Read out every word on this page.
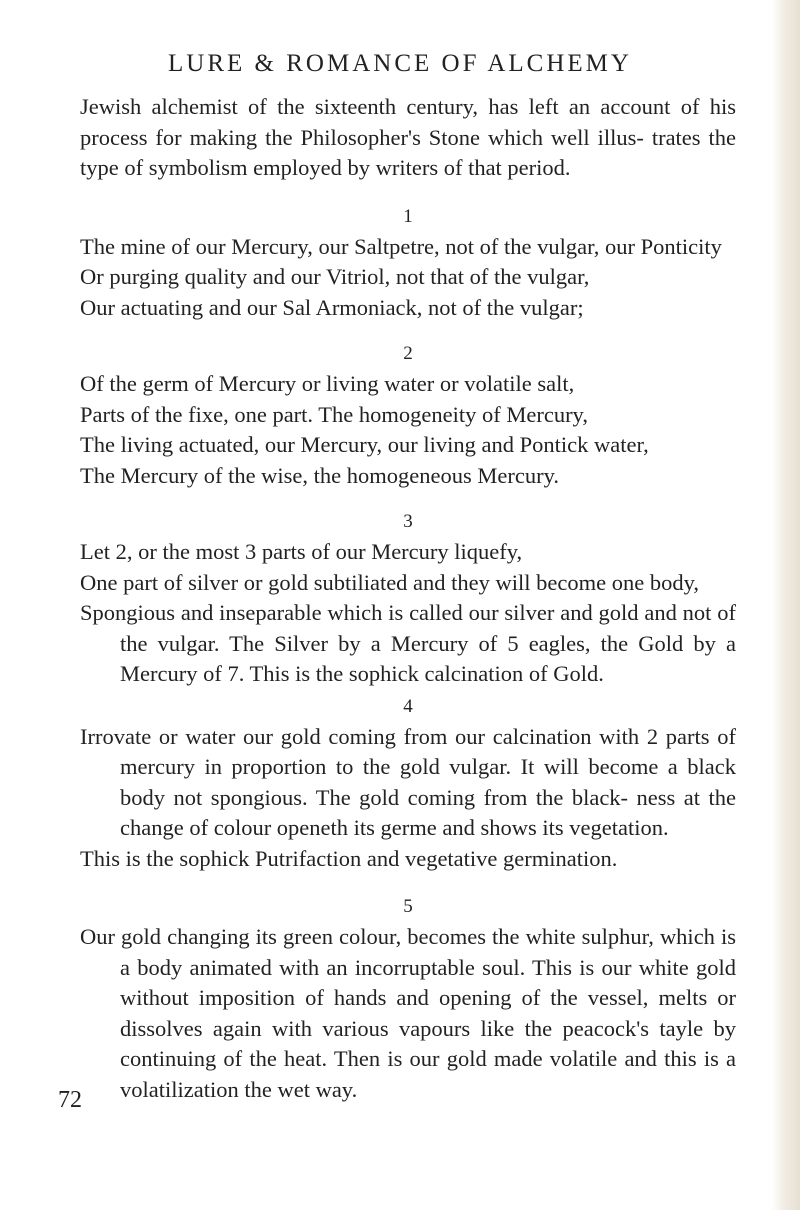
LURE & ROMANCE OF ALCHEMY

Jewish alchemist of the sixteenth century, has left an account of his process for making the Philosopher's Stone which well illus- trates the type of symbolism employed by writers of that period.

1

The mine of our Mercury, our Saltpetre, not of the vulgar, our Ponticity

Or purging quality and our Vitriol, not that of the vulgar,

Our actuating and our Sal Armoniack, not of the vulgar;

2

Of the germ of Mercury or living water or volatile salt,

Parts of the fixe, one part. The homogeneity of Mercury,

The living actuated, our Mercury, our living and Pontick water,

The Mercury of the wise, the homogeneous Mercury.

3

Let 2, or the most 3 parts of our Mercury liquefy,

One part of silver or gold subtiliated and they will become one body,

Spongious and inseparable which is called our silver and gold and not of the vulgar. The Silver by a Mercury of 5 eagles, the Gold by a Mercury of 7. This is the sophick calcination of Gold.

4

Irrovate or water our gold coming from our calcination with 2 parts of mercury in proportion to the gold vulgar. It will become a black body not spongious. The gold coming from the black- ness at the change of colour openeth its germe and shows its vegetation.

This is the sophick Putrifaction and vegetative germination.

5

Our gold changing its green colour, becomes the white sulphur, which is a body animated with an incorruptable soul. This is our white gold without imposition of hands and opening of the vessel, melts or dissolves again with various vapours like the peacock's tayle by continuing of the heat. Then is our gold made volatile and this is a volatilization the wet way.

72
